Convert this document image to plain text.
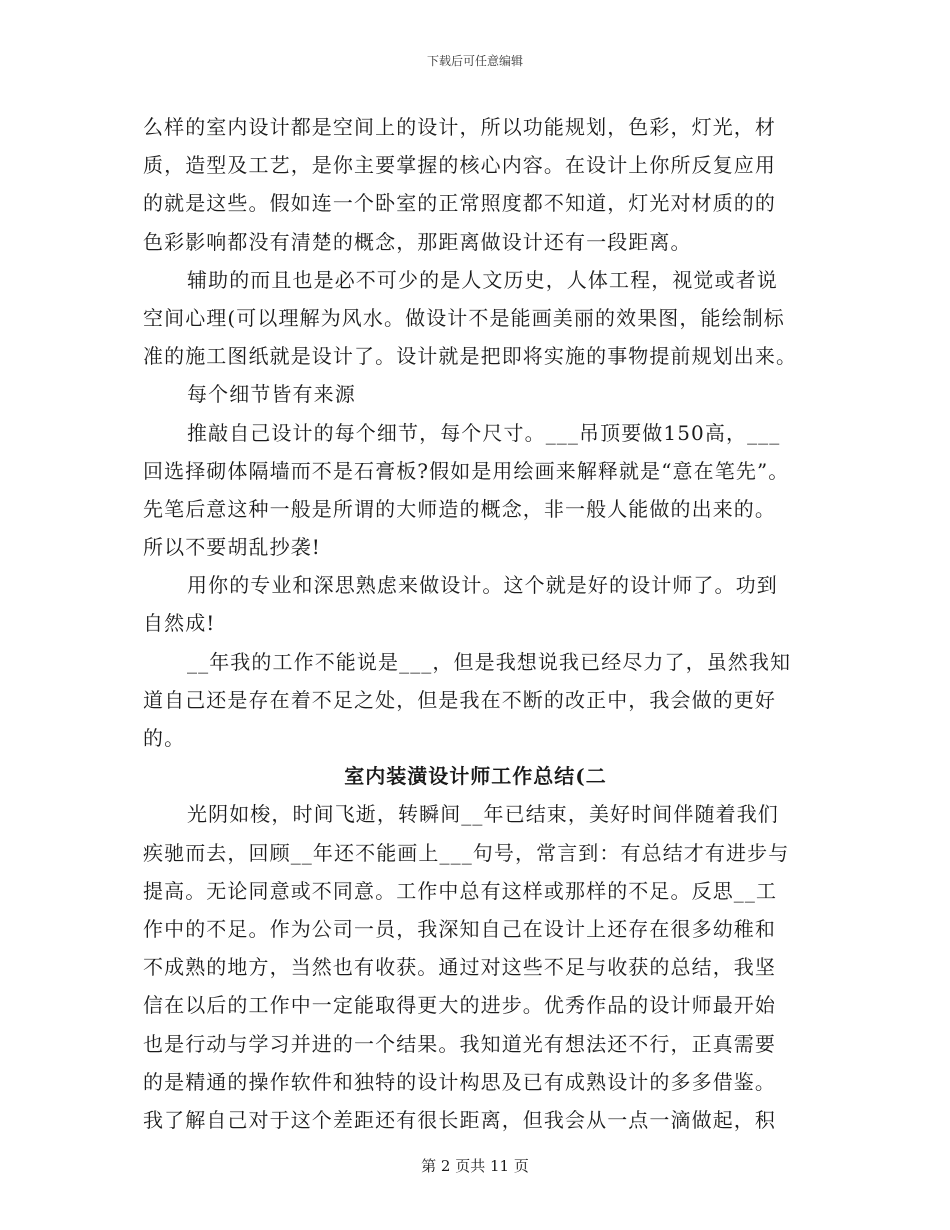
下载后可任意编辑
么样的室内设计都是空间上的设计，所以功能规划，色彩，灯光，材
质，造型及工艺，是你主要掌握的核心内容。在设计上你所反复应用
的就是这些。假如连一个卧室的正常照度都不知道，灯光对材质的的
色彩影响都没有清楚的概念，那距离做设计还有一段距离。
辅助的而且也是必不可少的是人文历史，人体工程，视觉或者说
空间心理(可以理解为风水。做设计不是能画美丽的效果图，能绘制标
准的施工图纸就是设计了。设计就是把即将实施的事物提前规划出来。
每个细节皆有来源
推敲自己设计的每个细节，每个尺寸。___吊顶要做150高，___
回选择砌体隔墙而不是石膏板?假如是用绘画来解释就是“意在笔先”。
先笔后意这种一般是所谓的大师造的概念，非一般人能做的出来的。
所以不要胡乱抄袭!
用你的专业和深思熟虑来做设计。这个就是好的设计师了。功到
自然成!
__年我的工作不能说是___，但是我想说我已经尽力了，虽然我知
道自己还是存在着不足之处，但是我在不断的改正中，我会做的更好
的。
室内装潢设计师工作总结(二
光阴如梭，时间飞逝，转瞬间__年已结束，美好时间伴随着我们
疾驰而去，回顾__年还不能画上___句号，常言到：有总结才有进步与
提高。无论同意或不同意。工作中总有这样或那样的不足。反思__工
作中的不足。作为公司一员，我深知自己在设计上还存在很多幼稚和
不成熟的地方，当然也有收获。通过对这些不足与收获的总结，我坚
信在以后的工作中一定能取得更大的进步。优秀作品的设计师最开始
也是行动与学习并进的一个结果。我知道光有想法还不行，正真需要
的是精通的操作软件和独特的设计构思及已有成熟设计的多多借鉴。
我了解自己对于这个差距还有很长距离，但我会从一点一滴做起，积
第 2 页共 11 页
